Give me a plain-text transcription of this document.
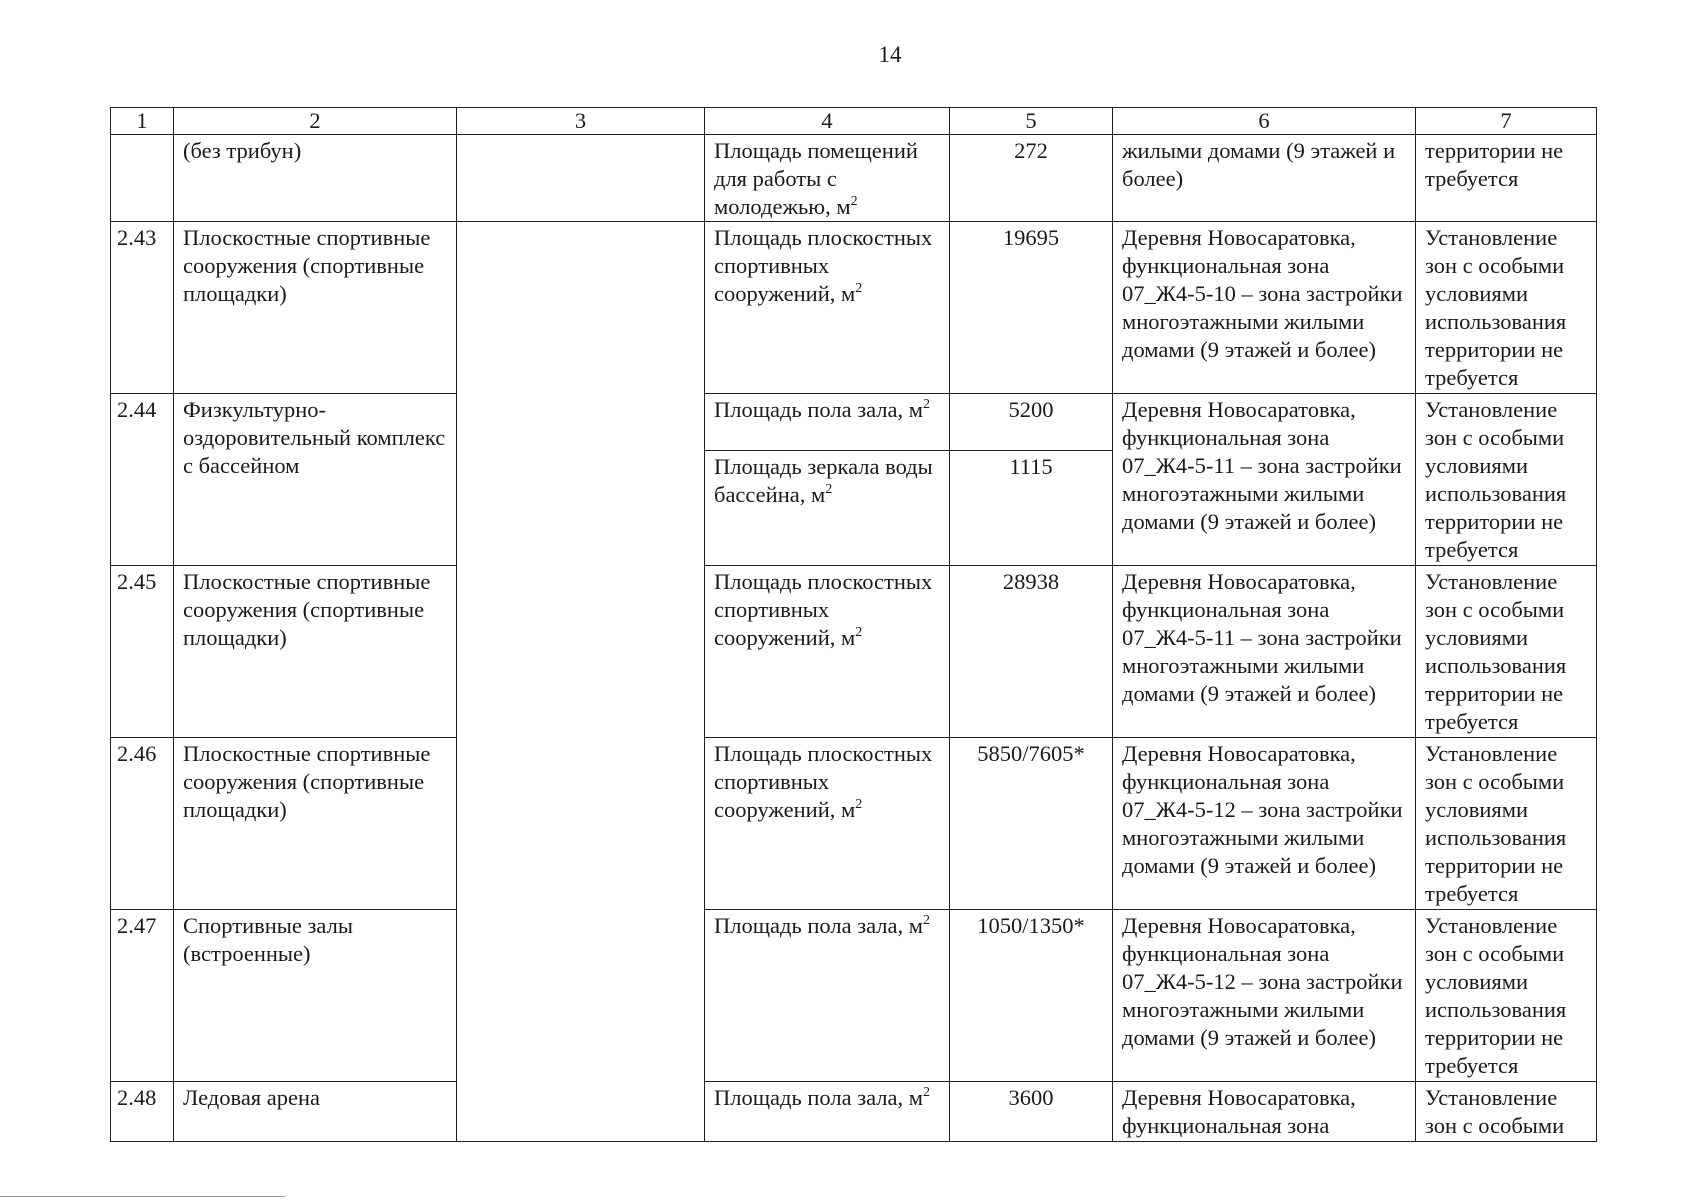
14
1	2	3	4	5	6	7
	(без трибун)		Площадь помещений для работы с молодежью, $м^2$	272	жилыми домами (9 этажей и более)	территории не требуется
2.43	Плоскостные спортивные сооружения (спортивные площадки)		Площадь плоскостных спортивных сооружений, $м^2$	19695	Деревня Новосаратовка, функциональная зона 07_Ж4-5-10 – зона застройки многоэтажными жилыми домами (9 этажей и более)	Установление зон с особыми условиями использования территории не требуется
2.44	Физкультурно-оздоровительный комплекс с бассейном		Площадь пола зала, $м^2$	5200	Деревня Новосаратовка, функциональная зона 07_Ж4-5-11 – зона застройки многоэтажными жилыми домами (9 этажей и более)	Установление зон с особыми условиями использования территории не требуется
			Площадь зеркала воды бассейна, $м^2$	1115		
2.45	Плоскостные спортивные сооружения (спортивные площадки)		Площадь плоскостных спортивных сооружений, $м^2$	28938	Деревня Новосаратовка, функциональная зона 07_Ж4-5-11 – зона застройки многоэтажными жилыми домами (9 этажей и более)	Установление зон с особыми условиями использования территории не требуется
2.46	Плоскостные спортивные сооружения (спортивные площадки)		Площадь плоскостных спортивных сооружений, $м^2$	5850/7605*	Деревня Новосаратовка, функциональная зона 07_Ж4-5-12 – зона застройки многоэтажными жилыми домами (9 этажей и более)	Установление зон с особыми условиями использования территории не требуется
2.47	Спортивные залы (встроенные)		Площадь пола зала, $м^2$	1050/1350*	Деревня Новосаратовка, функциональная зона 07_Ж4-5-12 – зона застройки многоэтажными жилыми домами (9 этажей и более)	Установление зон с особыми условиями использования территории не требуется
2.48	Ледовая арена		Площадь пола зала, $м^2$	3600	Деревня Новосаратовка, функциональная зона	Установление зон с особыми
